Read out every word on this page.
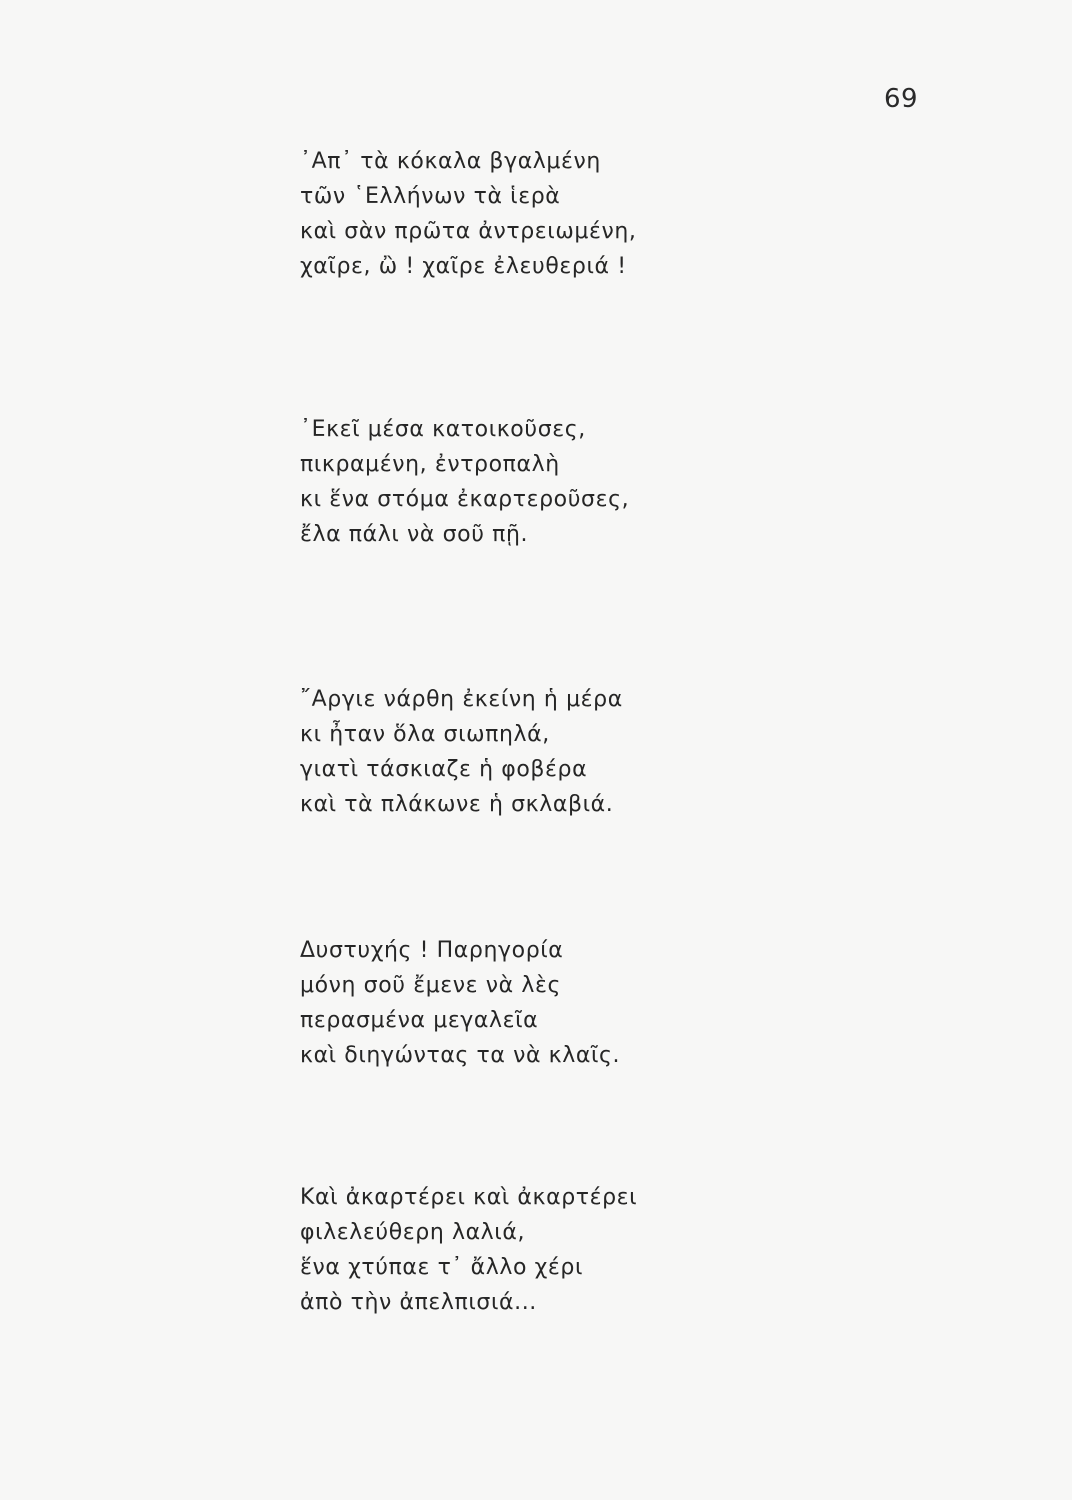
69
᾿Απ᾿ τὰ κόκαλα βγαλμένη
τῶν ῾Ελλήνων τὰ ἱερὰ
καὶ σὰν πρῶτα ἀντρειωμένη,
χαῖρε, ὢ ! χαῖρε ἐλευθεριά !
᾿Εκεῖ μέσα κατοικοῦσες,
πικραμένη, ἐντροπαλὴ
κι ἕνα στόμα ἐκαρτεροῦσες,
ἔλα πάλι νὰ σοῦ πῇ.
῎Αργιε νάρθη ἐκείνη ἡ μέρα
κι ἦταν ὅλα σιωπηλά,
γιατὶ τάσκιαζε ἡ φοβέρα
καὶ τὰ πλάκωνε ἡ σκλαβιά.
Δυστυχής ! Παρηγορία
μόνη σοῦ ἔμενε νὰ λὲς
περασμένα μεγαλεῖα
καὶ διηγώντας τα νὰ κλαῖς.
Καὶ ἀκαρτέρει καὶ ἀκαρτέρει
φιλελεύθερη λαλιά,
ἕνα χτύπαε τ᾿ ἄλλο χέρι
ἀπὸ τὴν ἀπελπισιά...
